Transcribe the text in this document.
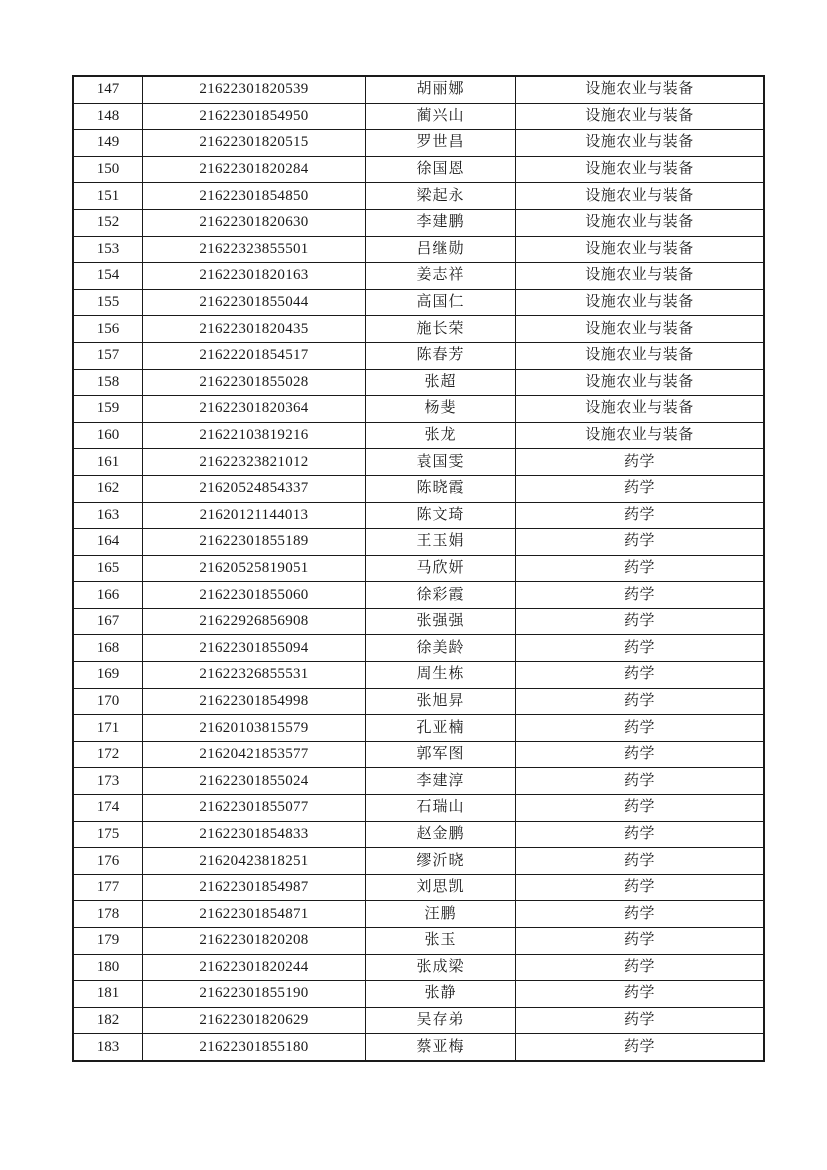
147	21622301820539	胡丽娜	设施农业与装备
148	21622301854950	蔺兴山	设施农业与装备
149	21622301820515	罗世昌	设施农业与装备
150	21622301820284	徐国恩	设施农业与装备
151	21622301854850	梁起永	设施农业与装备
152	21622301820630	李建鹏	设施农业与装备
153	21622323855501	吕继勋	设施农业与装备
154	21622301820163	姜志祥	设施农业与装备
155	21622301855044	高国仁	设施农业与装备
156	21622301820435	施长荣	设施农业与装备
157	21622201854517	陈春芳	设施农业与装备
158	21622301855028	张超	设施农业与装备
159	21622301820364	杨斐	设施农业与装备
160	21622103819216	张龙	设施农业与装备
161	21622323821012	袁国雯	药学
162	21620524854337	陈晓霞	药学
163	21620121144013	陈文琦	药学
164	21622301855189	王玉娟	药学
165	21620525819051	马欣妍	药学
166	21622301855060	徐彩霞	药学
167	21622926856908	张强强	药学
168	21622301855094	徐美龄	药学
169	21622326855531	周生栋	药学
170	21622301854998	张旭昇	药学
171	21620103815579	孔亚楠	药学
172	21620421853577	郭军图	药学
173	21622301855024	李建淳	药学
174	21622301855077	石瑞山	药学
175	21622301854833	赵金鹏	药学
176	21620423818251	缪沂晓	药学
177	21622301854987	刘思凯	药学
178	21622301854871	汪鹏	药学
179	21622301820208	张玉	药学
180	21622301820244	张成梁	药学
181	21622301855190	张静	药学
182	21622301820629	吴存弟	药学
183	21622301855180	蔡亚梅	药学
